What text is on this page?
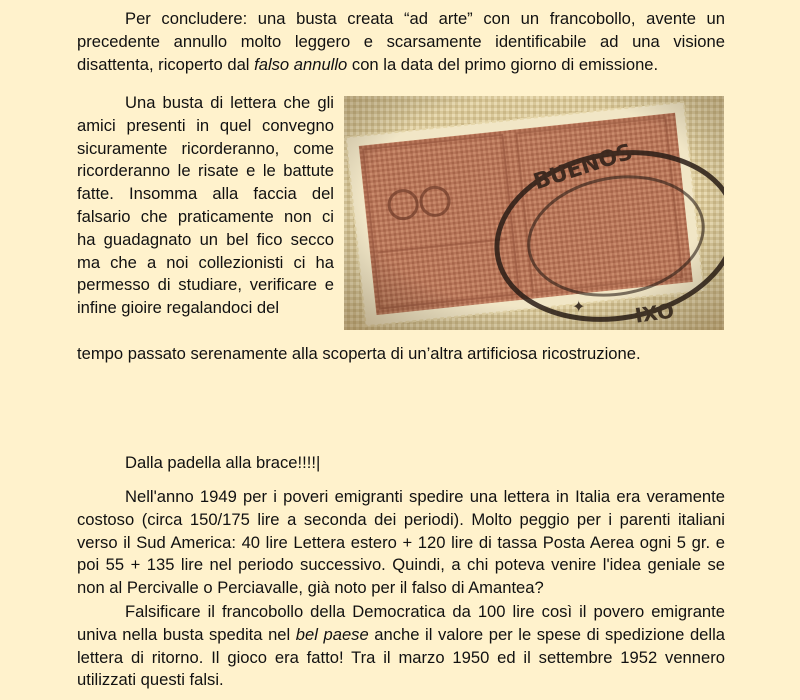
Per concludere: una busta creata “ad arte” con un francobollo, avente un precedente annullo molto leggero e scarsamente identificabile ad una visione disattenta, ricoperto dal falso annullo con la data del primo giorno di emissione.

Una busta di lettera che gli amici presenti in quel convegno sicuramente ricorderanno, come ricorderanno le risate e le battute fatte. Insomma alla faccia del falsario che praticamente non ci ha guadagnato un bel fico secco ma che a noi collezionisti ci ha permesso di studiare, verificare e infine gioire regalandoci del

tempo passato serenamente alla scoperta di un’altra artificiosa ricostruzione.

Dalla padella alla brace!!!!|

Nell'anno 1949 per i poveri emigranti spedire una lettera in Italia era veramente costoso (circa 150/175 lire a seconda dei periodi). Molto peggio per i parenti italiani verso il Sud America: 40 lire Lettera estero + 120 lire di tassa Posta Aerea ogni 5 gr. e poi 55 + 135 lire nel periodo successivo. Quindi, a chi poteva venire l'idea geniale se non al Percivalle o Perciavalle, già noto per il falso di Amantea?

Falsificare il francobollo della Democratica da 100 lire così il povero emigrante univa nella busta spedita nel bel paese anche il valore per le spese di spedizione della lettera di ritorno. Il gioco era fatto! Tra il marzo 1950 ed il settembre 1952 vennero utilizzati questi falsi.
